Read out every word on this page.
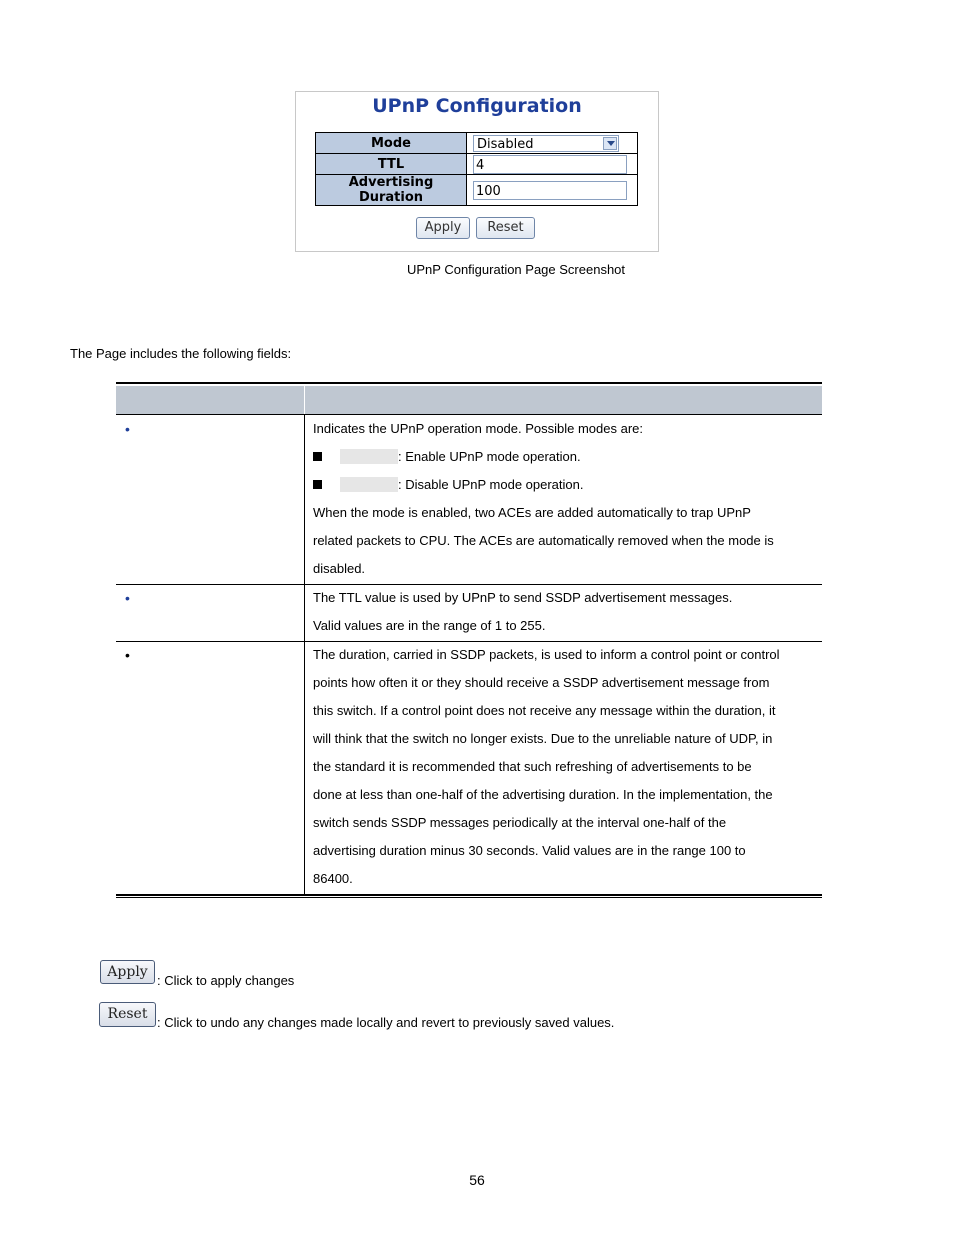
UPnP Configuration
Mode	Disabled

TTL	4

Advertising Duration	100
Apply	Reset
UPnP Configuration Page Screenshot
The Page includes the following fields:
•	Indicates the UPnP operation mode. Possible modes are:
: Enable UPnP mode operation.
: Disable UPnP mode operation.
When the mode is enabled, two ACEs are added automatically to trap UPnP
related packets to CPU. The ACEs are automatically removed when the mode is
disabled.
•	The TTL value is used by UPnP to send SSDP advertisement messages.
Valid values are in the range of 1 to 255.
•	The duration, carried in SSDP packets, is used to inform a control point or control
points how often it or they should receive a SSDP advertisement message from
this switch. If a control point does not receive any message within the duration, it
will think that the switch no longer exists. Due to the unreliable nature of UDP, in
the standard it is recommended that such refreshing of advertisements to be
done at less than one-half of the advertising duration. In the implementation, the
switch sends SSDP messages periodically at the interval one-half of the
advertising duration minus 30 seconds. Valid values are in the range 100 to
86400.
Apply
: Click to apply changes
Reset
: Click to undo any changes made locally and revert to previously saved values.
56
